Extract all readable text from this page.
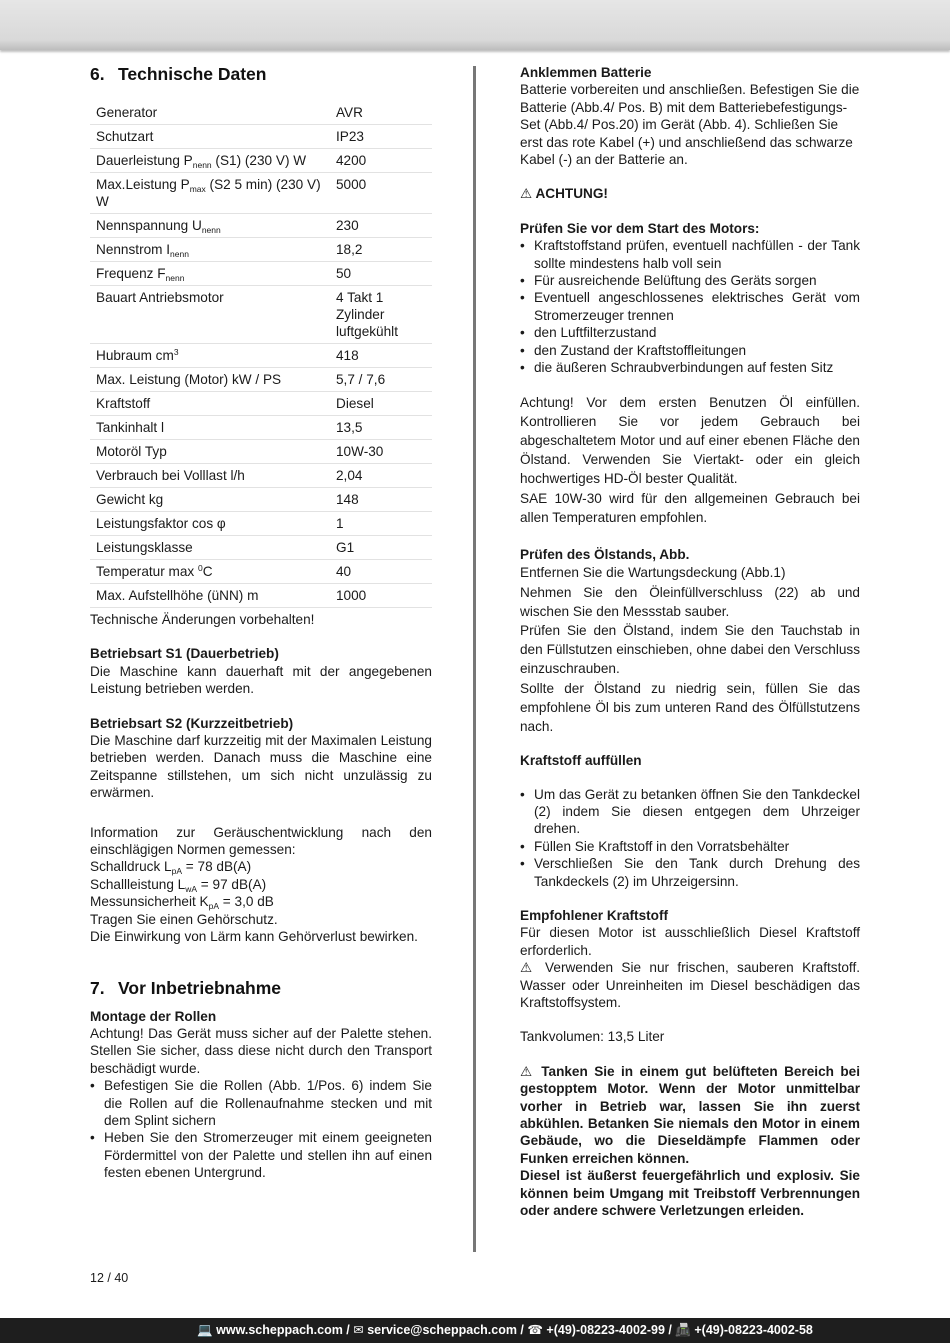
6. Technische Daten
Generator	AVR
Schutzart	IP23
Dauerleistung $P_{nenn}$ (S1) (230 V) W	4200
Max.Leistung $P_{max}$ (S2 5 min) (230 V) W	5000
Nennspannung $U_{nenn}$	230
Nennstrom $I_{nenn}$	18,2
Frequenz $F_{nenn}$	50
Bauart Antriebsmotor	4 Takt 1 Zylinder luftgekühlt
Hubraum $cm^3$	418
Max. Leistung (Motor) kW / PS	5,7 / 7,6
Kraftstoff	Diesel
Tankinhalt l	13,5
Motoröl Typ	10W-30
Verbrauch bei Volllast l/h	2,04
Gewicht kg	148
Leistungsfaktor cos φ	1
Leistungsklasse	G1
Temperatur max $^0$C	40
Max. Aufstellhöhe (üNN) m	1000

Technische Änderungen vorbehalten!

Betriebsart S1 (Dauerbetrieb)

Die Maschine kann dauerhaft mit der angegebenen Leistung betrieben werden.

Betriebsart S2 (Kurzzeitbetrieb)

Die Maschine darf kurzzeitig mit der Maximalen Leistung betrieben werden. Danach muss die Maschine eine Zeitspanne stillstehen, um sich nicht unzulässig zu erwärmen.

Information zur Geräuschentwicklung nach den einschlägigen Normen gemessen:

Schalldruck $L_{pA} = 78$ dB(A)

Schallleistung $L_{wA} = 97$ dB(A)

Messunsicherheit $K_{pA} = 3,0$ dB

Tragen Sie einen Gehörschutz.

Die Einwirkung von Lärm kann Gehörverlust bewirken.

7. Vor Inbetriebnahme

Montage der Rollen

Achtung! Das Gerät muss sicher auf der Palette stehen. Stellen Sie sicher, dass diese nicht durch den Transport beschädigt wurde.

• Befestigen Sie die Rollen (Abb. 1/Pos. 6) indem Sie die Rollen auf die Rollenaufnahme stecken und mit dem Splint sichern
• Heben Sie den Stromerzeuger mit einem geeigneten Fördermittel von der Palette und stellen ihn auf einen festen ebenen Untergrund.

Anklemmen Batterie

Batterie vorbereiten und anschließen. Befestigen Sie die Batterie (Abb.4/ Pos. B) mit dem Batteriebefestigungs-Set (Abb.4/ Pos.20) im Gerät (Abb. 4). Schließen Sie erst das rote Kabel (+) und anschließend das schwarze Kabel (-) an der Batterie an.

⚠ ACHTUNG!

Prüfen Sie vor dem Start des Motors:

• Kraftstoffstand prüfen, eventuell nachfüllen - der Tank sollte mindestens halb voll sein
• Für ausreichende Belüftung des Geräts sorgen
• Eventuell angeschlossenes elektrisches Gerät vom Stromerzeuger trennen
• den Luftfilterzustand
• den Zustand der Kraftstoffleitungen
• die äußeren Schraubverbindungen auf festen Sitz

Achtung! Vor dem ersten Benutzen Öl einfüllen. Kontrollieren Sie vor jedem Gebrauch bei abgeschaltetem Motor und auf einer ebenen Fläche den Ölstand. Verwenden Sie Viertakt- oder ein gleich hochwertiges HD-Öl bester Qualität.

SAE 10W-30 wird für den allgemeinen Gebrauch bei allen Temperaturen empfohlen.

Prüfen des Ölstands, Abb.

Entfernen Sie die Wartungsdeckung (Abb.1)

Nehmen Sie den Öleinfüllverschluss (22) ab und wischen Sie den Messstab sauber.

Prüfen Sie den Ölstand, indem Sie den Tauchstab in den Füllstutzen einschieben, ohne dabei den Verschluss einzuschrauben.

Sollte der Ölstand zu niedrig sein, füllen Sie das empfohlene Öl bis zum unteren Rand des Ölfüllstutzens nach.

Kraftstoff auffüllen

• Um das Gerät zu betanken öffnen Sie den Tankdeckel (2) indem Sie diesen entgegen dem Uhrzeiger drehen.
• Füllen Sie Kraftstoff in den Vorratsbehälter
• Verschließen Sie den Tank durch Drehung des Tankdeckels (2) im Uhrzeigersinn.

Empfohlener Kraftstoff

Für diesen Motor ist ausschließlich Diesel Kraftstoff erforderlich.

⚠ Verwenden Sie nur frischen, sauberen Kraftstoff. Wasser oder Unreinheiten im Diesel beschädigen das Kraftstoffsystem.

Tankvolumen: 13,5 Liter

⚠ Tanken Sie in einem gut belüfteten Bereich bei gestopptem Motor. Wenn der Motor unmittelbar vorher in Betrieb war, lassen Sie ihn zuerst abkühlen. Betanken Sie niemals den Motor in einem Gebäude, wo die Dieseldämpfe Flammen oder Funken erreichen können.

Diesel ist äußerst feuergefährlich und explosiv. Sie können beim Umgang mit Treibstoff Verbrennungen oder andere schwere Verletzungen erleiden.

12 / 40
💻 www.scheppach.com / ✉ service@scheppach.com / ☎ +(49)-08223-4002-99 / 📠 +(49)-08223-4002-58
